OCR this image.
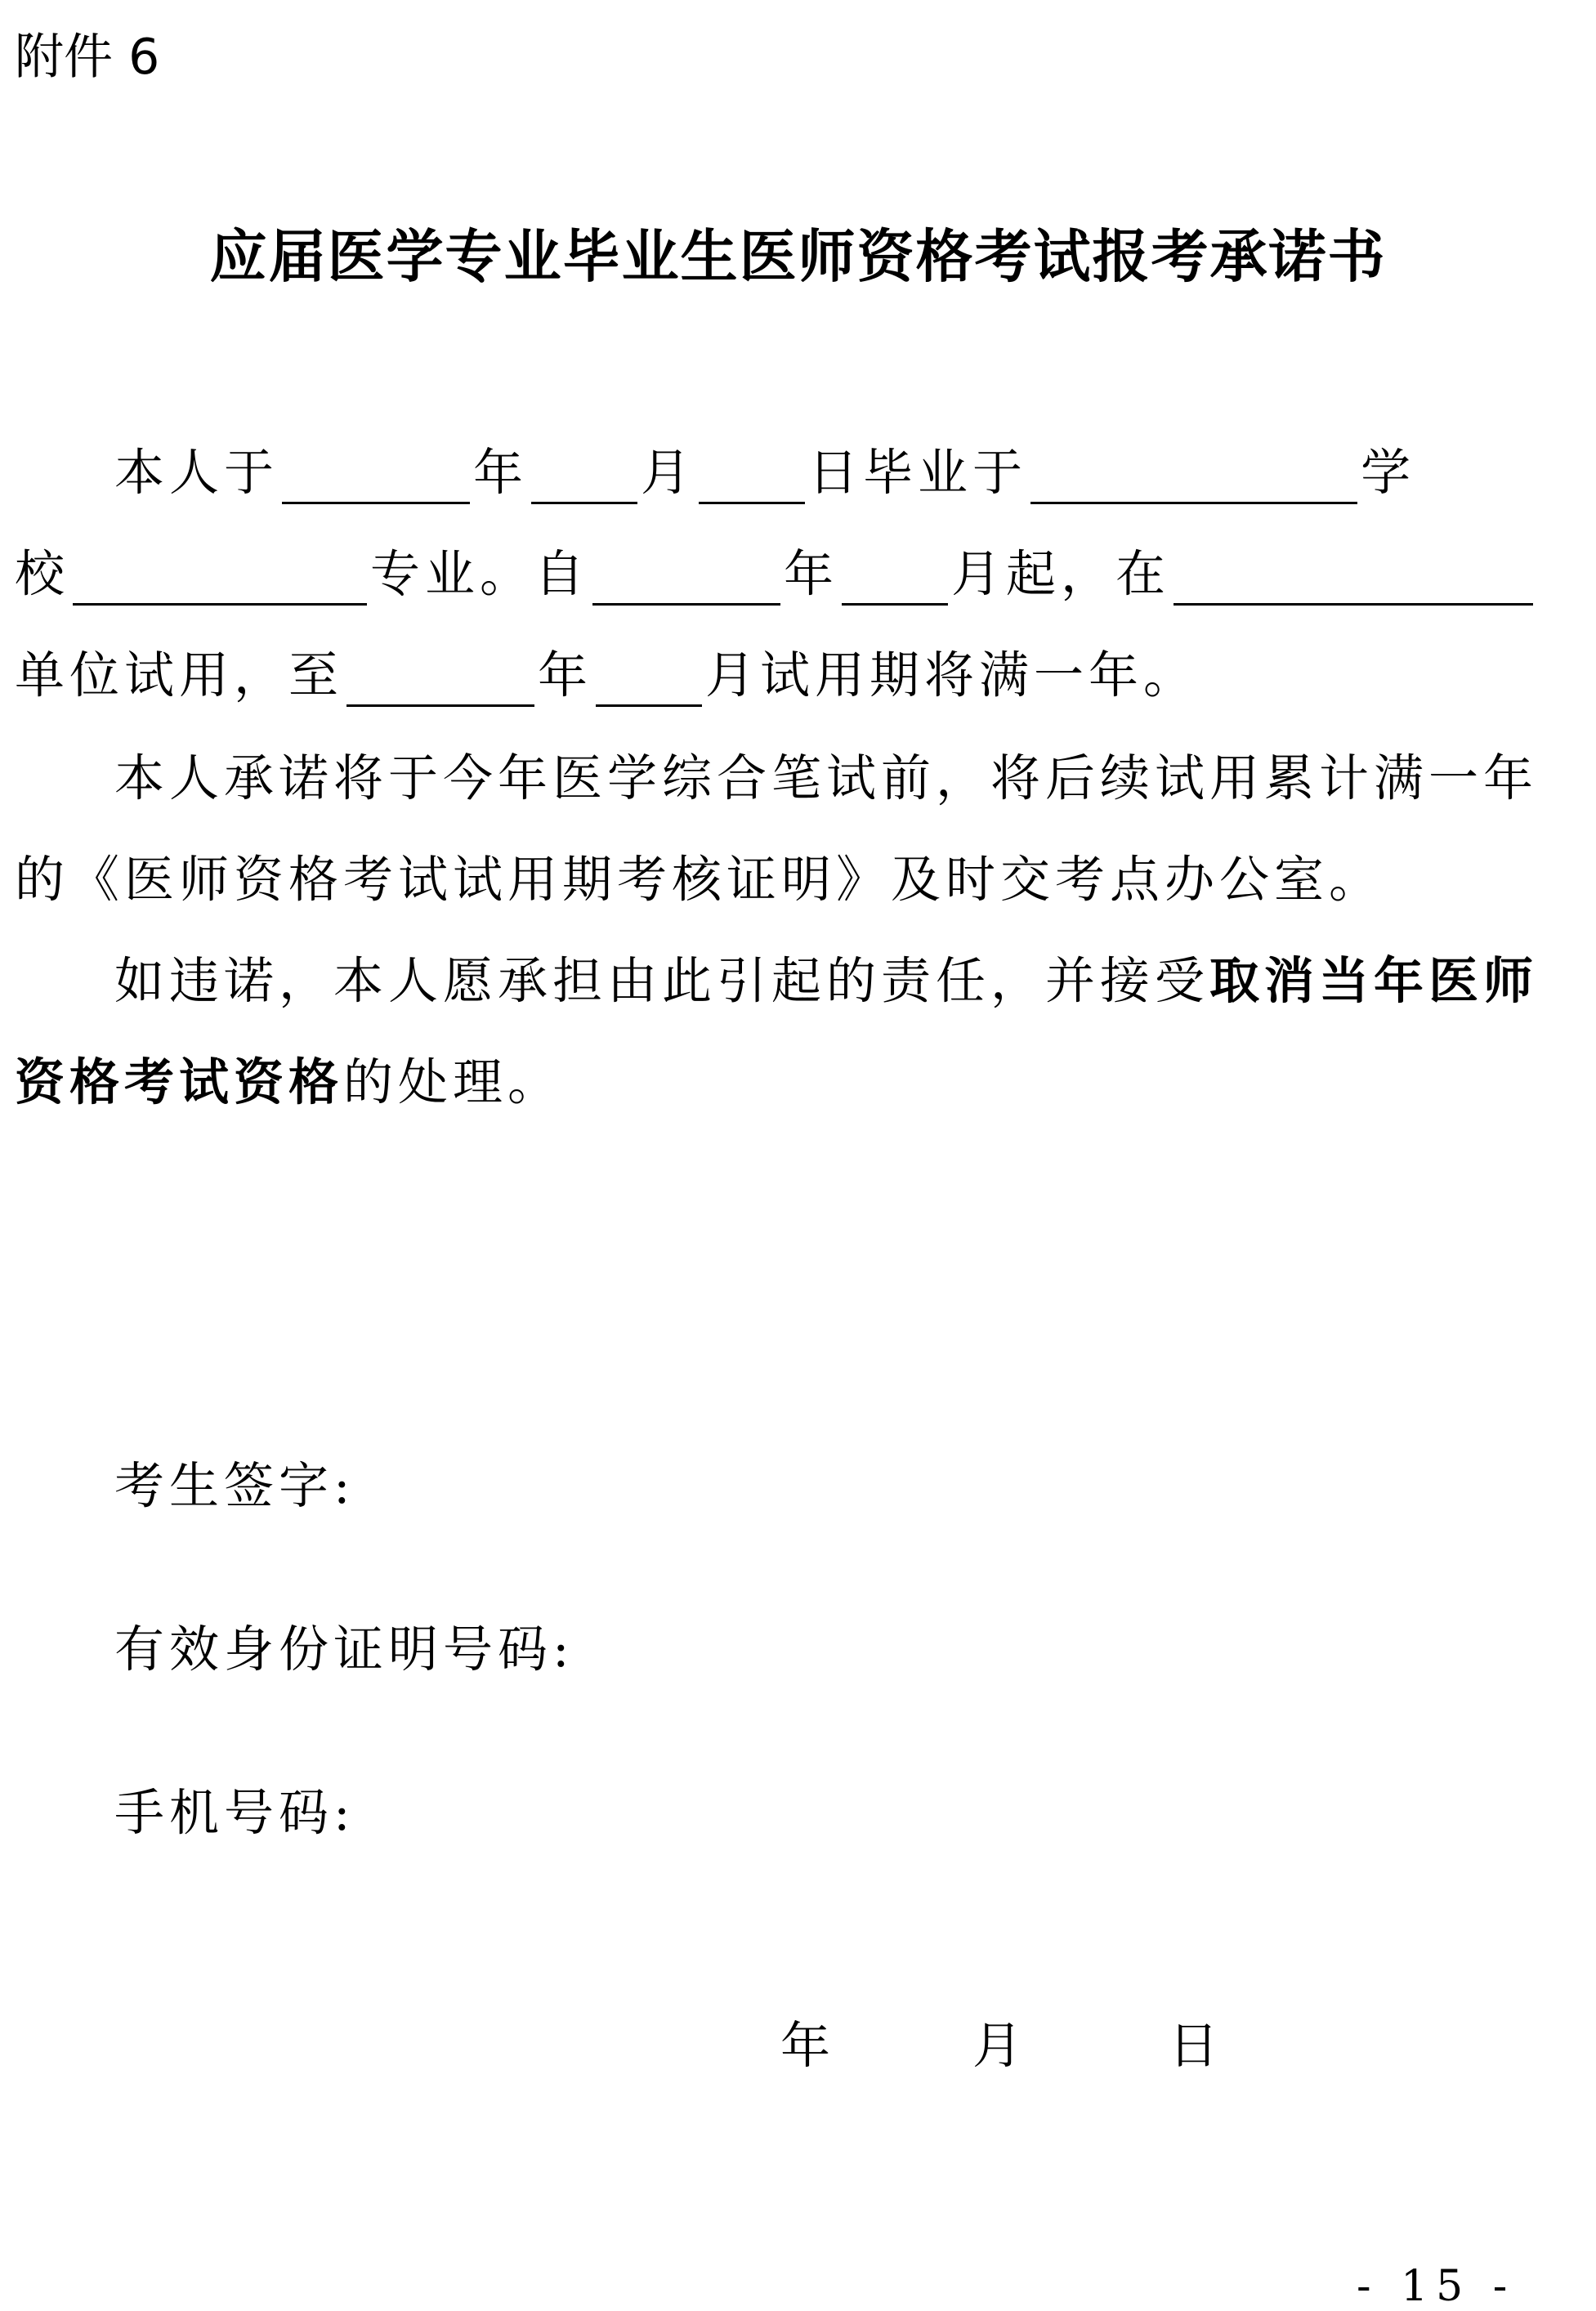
附件 6
应届医学专业毕业生医师资格考试报考承诺书
本人于	年 月 日毕业于	学
校	专业。自	年 月起，在
单位试用，至	年 月试用期将满一年。
本人承诺将于今年医学综合笔试前，将后续试用累计满一年
的《医师资格考试试用期考核证明》及时交考点办公室。
如违诺，本人愿承担由此引起的责任，并接受 取消当年医师
资格考试资格 的处理。
考生签字:
有效身份证明号码:
手机号码:
年	月	日
- 15 -
